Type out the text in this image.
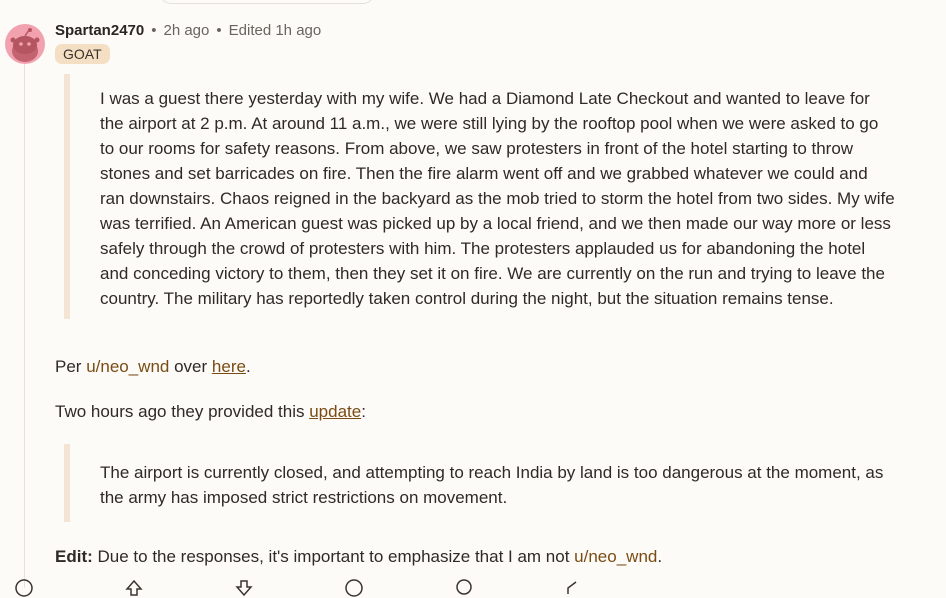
Spartan2470 • 2h ago • Edited 1h ago
GOAT

I was a guest there yesterday with my wife. We had a Diamond Late Checkout and wanted to leave for the airport at 2 p.m. At around 11 a.m., we were still lying by the rooftop pool when we were asked to go to our rooms for safety reasons. From above, we saw protesters in front of the hotel starting to throw stones and set barricades on fire. Then the fire alarm went off and we grabbed whatever we could and ran downstairs. Chaos reigned in the backyard as the mob tried to storm the hotel from two sides. My wife was terrified. An American guest was picked up by a local friend, and we then made our way more or less safely through the crowd of protesters with him. The protesters applauded us for abandoning the hotel and conceding victory to them, then they set it on fire. We are currently on the run and trying to leave the country. The military has reportedly taken control during the night, but the situation remains tense.

Per u/neo_wnd over here.

Two hours ago they provided this update:

The airport is currently closed, and attempting to reach India by land is too dangerous at the moment, as the army has imposed strict restrictions on movement.

Edit: Due to the responses, it's important to emphasize that I am not u/neo_wnd.
